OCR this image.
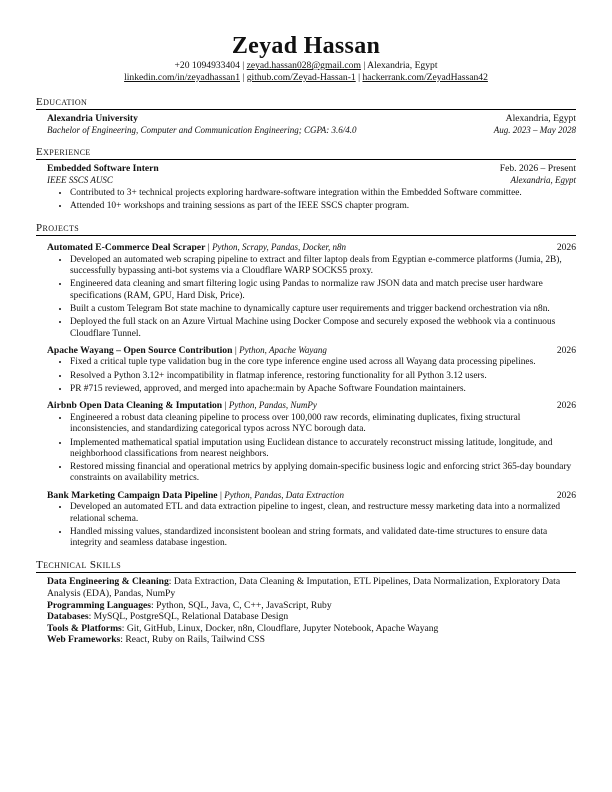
Zeyad Hassan
+20 1094933404 | zeyad.hassan028@gmail.com | Alexandria, Egypt
linkedin.com/in/zeyadhassan1 | github.com/Zeyad-Hassan-1 | hackerrank.com/ZeyadHassan42
Education
Alexandria University	Alexandria, Egypt
Bachelor of Engineering, Computer and Communication Engineering; CGPA: 3.6/4.0	Aug. 2023 – May 2028
Experience
Embedded Software Intern	Feb. 2026 – Present
IEEE SSCS AUSC	Alexandria, Egypt
• Contributed to 3+ technical projects exploring hardware-software integration within the Embedded Software committee.
• Attended 10+ workshops and training sessions as part of the IEEE SSCS chapter program.
Projects
Automated E-Commerce Deal Scraper | Python, Scrapy, Pandas, Docker, n8n	2026
• Developed an automated web scraping pipeline to extract and filter laptop deals from Egyptian e-commerce platforms (Jumia, 2B), successfully bypassing anti-bot systems via a Cloudflare WARP SOCKS5 proxy.
• Engineered data cleaning and smart filtering logic using Pandas to normalize raw JSON data and match precise user hardware specifications (RAM, GPU, Hard Disk, Price).
• Built a custom Telegram Bot state machine to dynamically capture user requirements and trigger backend orchestration via n8n.
• Deployed the full stack on an Azure Virtual Machine using Docker Compose and securely exposed the webhook via a continuous Cloudflare Tunnel.
Apache Wayang – Open Source Contribution | Python, Apache Wayang	2026
• Fixed a critical tuple type validation bug in the core type inference engine used across all Wayang data processing pipelines.
• Resolved a Python 3.12+ incompatibility in flatmap inference, restoring functionality for all Python 3.12 users.
• PR #715 reviewed, approved, and merged into apache:main by Apache Software Foundation maintainers.
Airbnb Open Data Cleaning & Imputation | Python, Pandas, NumPy	2026
• Engineered a robust data cleaning pipeline to process over 100,000 raw records, eliminating duplicates, fixing structural inconsistencies, and standardizing categorical typos across NYC borough data.
• Implemented mathematical spatial imputation using Euclidean distance to accurately reconstruct missing latitude, longitude, and neighborhood classifications from nearest neighbors.
• Restored missing financial and operational metrics by applying domain-specific business logic and enforcing strict 365-day boundary constraints on availability metrics.
Bank Marketing Campaign Data Pipeline | Python, Pandas, Data Extraction	2026
• Developed an automated ETL and data extraction pipeline to ingest, clean, and restructure messy marketing data into a normalized relational schema.
• Handled missing values, standardized inconsistent boolean and string formats, and validated date-time structures to ensure data integrity and seamless database ingestion.
Technical Skills
Data Engineering & Cleaning: Data Extraction, Data Cleaning & Imputation, ETL Pipelines, Data Normalization, Exploratory Data Analysis (EDA), Pandas, NumPy
Programming Languages: Python, SQL, Java, C, C++, JavaScript, Ruby
Databases: MySQL, PostgreSQL, Relational Database Design
Tools & Platforms: Git, GitHub, Linux, Docker, n8n, Cloudflare, Jupyter Notebook, Apache Wayang
Web Frameworks: React, Ruby on Rails, Tailwind CSS
